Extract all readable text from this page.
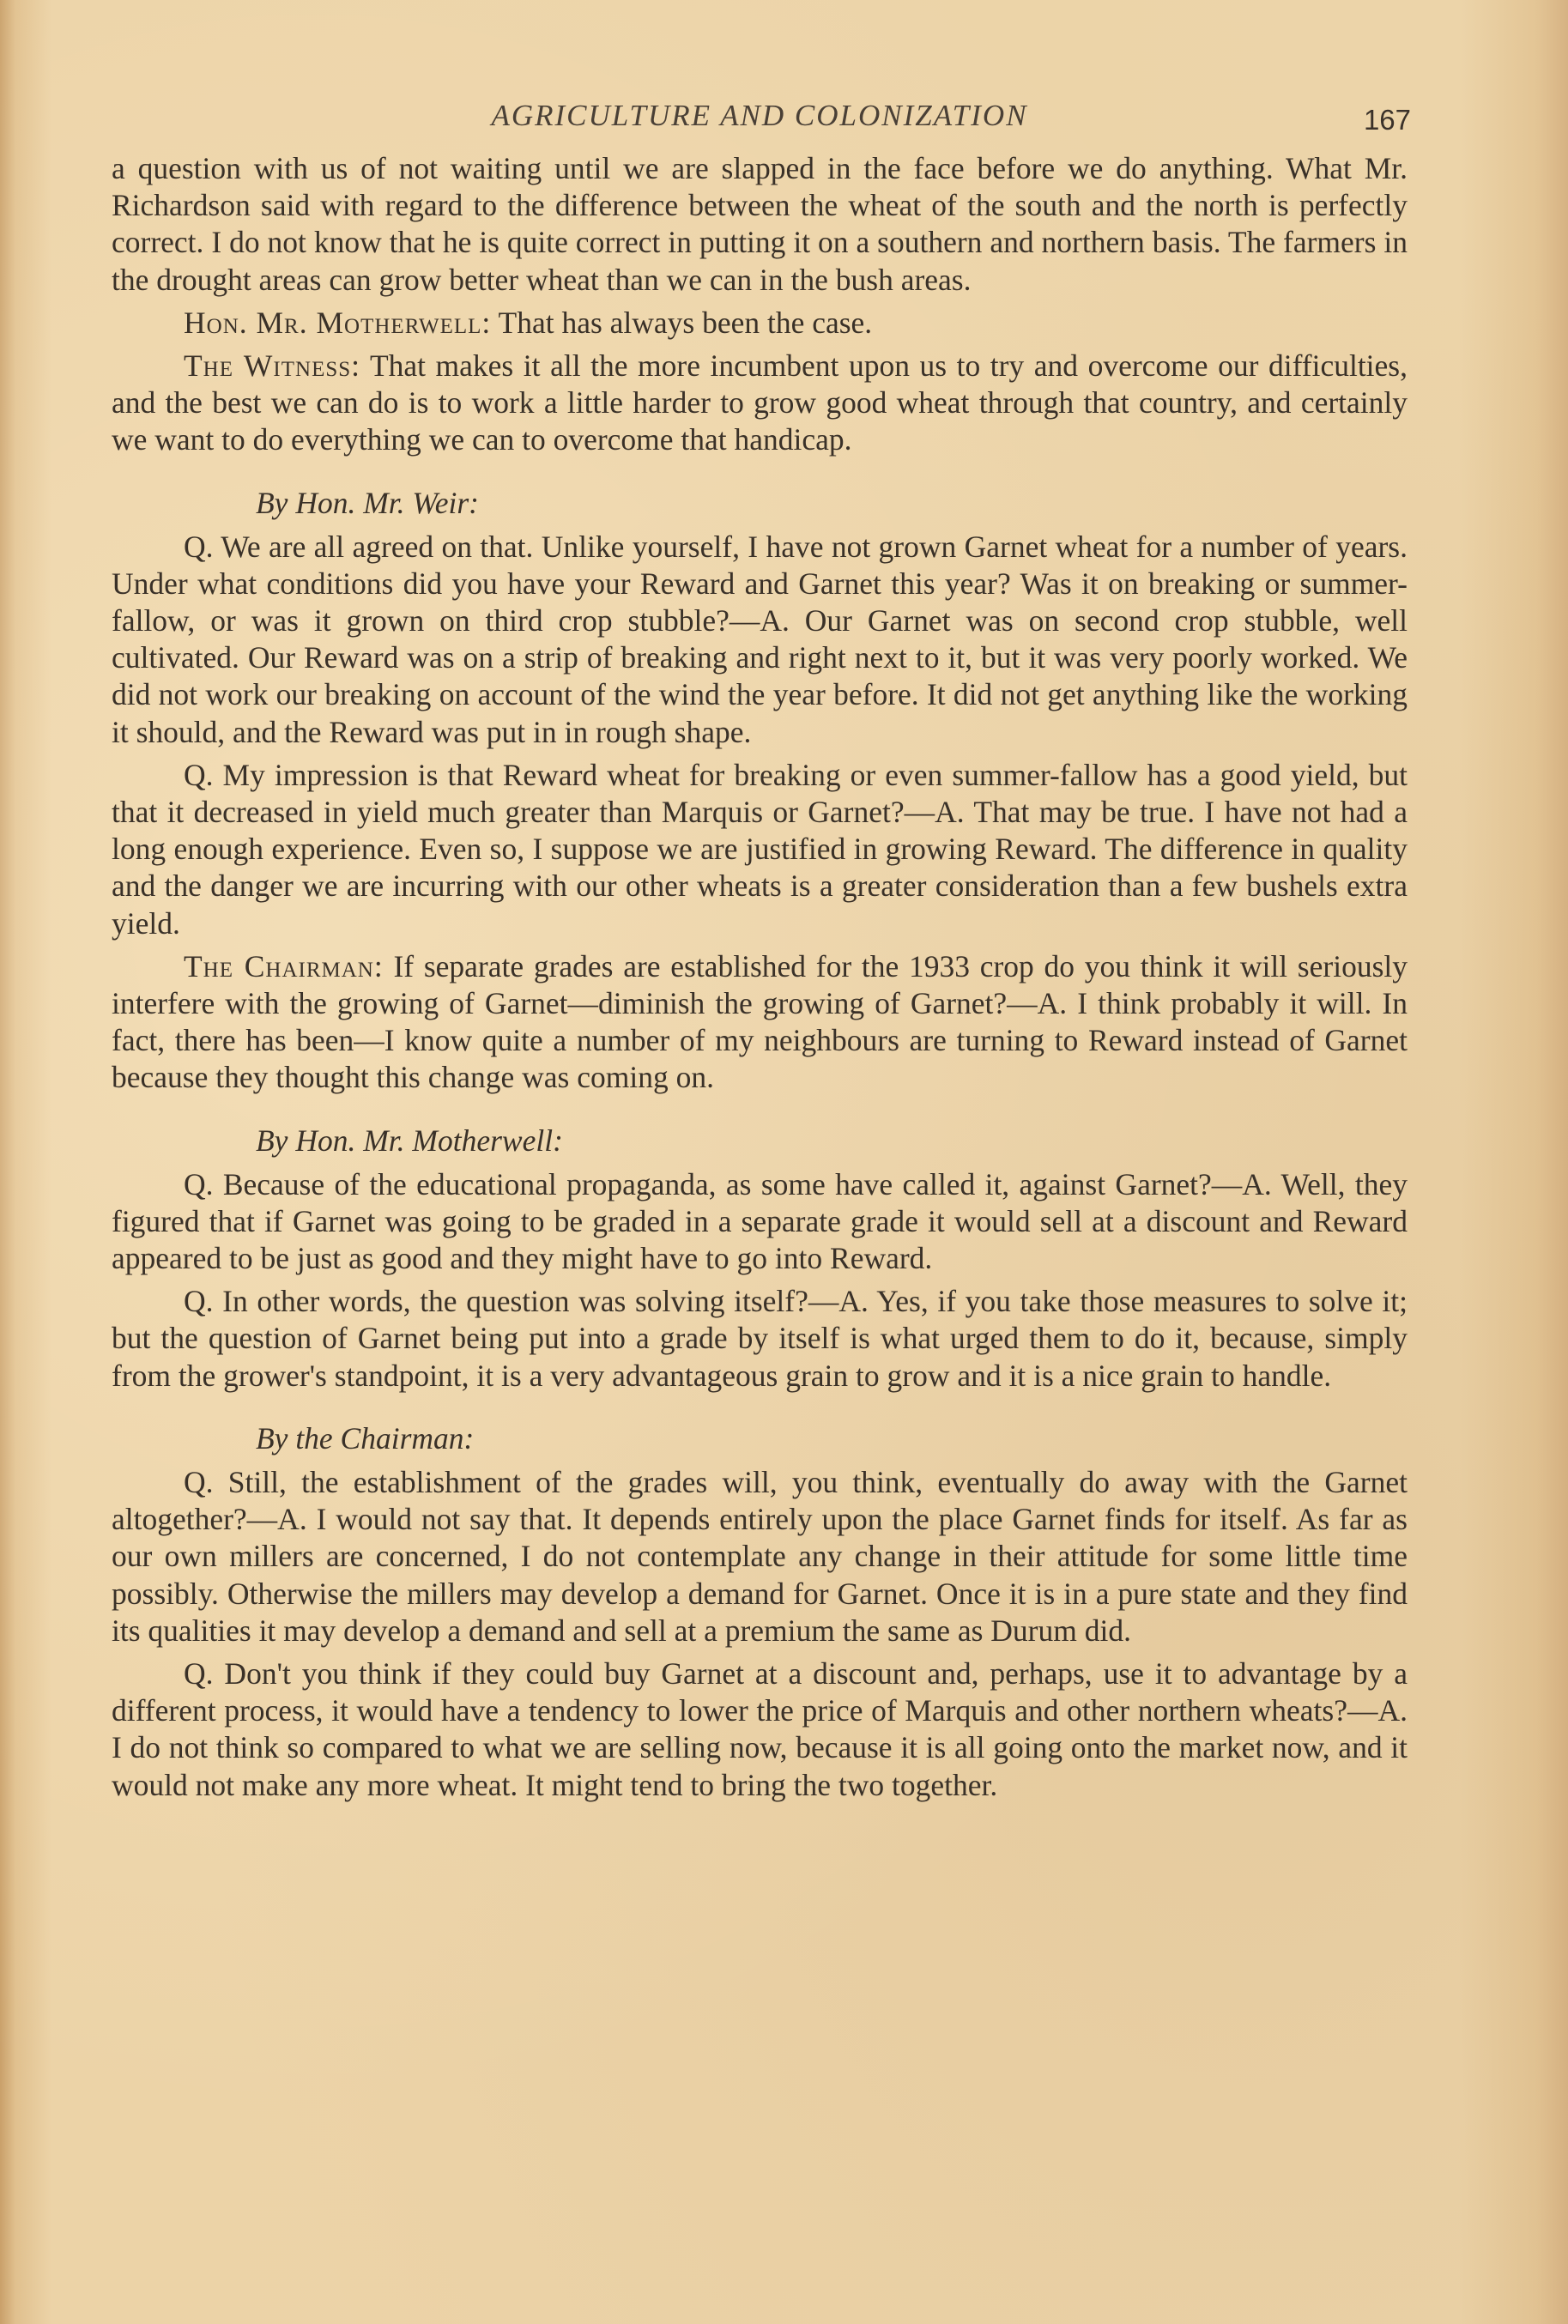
AGRICULTURE AND COLONIZATION	167

a question with us of not waiting until we are slapped in the face before we do anything. What Mr. Richardson said with regard to the difference between the wheat of the south and the north is perfectly correct. I do not know that he is quite correct in putting it on a southern and northern basis. The farmers in the drought areas can grow better wheat than we can in the bush areas.

Hon. Mr. Motherwell: That has always been the case.

The Witness: That makes it all the more incumbent upon us to try and overcome our difficulties, and the best we can do is to work a little harder to grow good wheat through that country, and certainly we want to do everything we can to overcome that handicap.

By Hon. Mr. Weir:

Q. We are all agreed on that. Unlike yourself, I have not grown Garnet wheat for a number of years. Under what conditions did you have your Reward and Garnet this year? Was it on breaking or summer-fallow, or was it grown on third crop stubble?—A. Our Garnet was on second crop stubble, well cultivated. Our Reward was on a strip of breaking and right next to it, but it was very poorly worked. We did not work our breaking on account of the wind the year before. It did not get anything like the working it should, and the Reward was put in in rough shape.

Q. My impression is that Reward wheat for breaking or even summer-fallow has a good yield, but that it decreased in yield much greater than Marquis or Garnet?—A. That may be true. I have not had a long enough experience. Even so, I suppose we are justified in growing Reward. The difference in quality and the danger we are incurring with our other wheats is a greater consideration than a few bushels extra yield.

The Chairman: If separate grades are established for the 1933 crop do you think it will seriously interfere with the growing of Garnet—diminish the growing of Garnet?—A. I think probably it will. In fact, there has been—I know quite a number of my neighbours are turning to Reward instead of Garnet because they thought this change was coming on.

By Hon. Mr. Motherwell:

Q. Because of the educational propaganda, as some have called it, against Garnet?—A. Well, they figured that if Garnet was going to be graded in a separate grade it would sell at a discount and Reward appeared to be just as good and they might have to go into Reward.

Q. In other words, the question was solving itself?—A. Yes, if you take those measures to solve it; but the question of Garnet being put into a grade by itself is what urged them to do it, because, simply from the grower's standpoint, it is a very advantageous grain to grow and it is a nice grain to handle.

By the Chairman:

Q. Still, the establishment of the grades will, you think, eventually do away with the Garnet altogether?—A. I would not say that. It depends entirely upon the place Garnet finds for itself. As far as our own millers are concerned, I do not contemplate any change in their attitude for some little time possibly. Otherwise the millers may develop a demand for Garnet. Once it is in a pure state and they find its qualities it may develop a demand and sell at a premium the same as Durum did.

Q. Don't you think if they could buy Garnet at a discount and, perhaps, use it to advantage by a different process, it would have a tendency to lower the price of Marquis and other northern wheats?—A. I do not think so compared to what we are selling now, because it is all going onto the market now, and it would not make any more wheat. It might tend to bring the two together.
